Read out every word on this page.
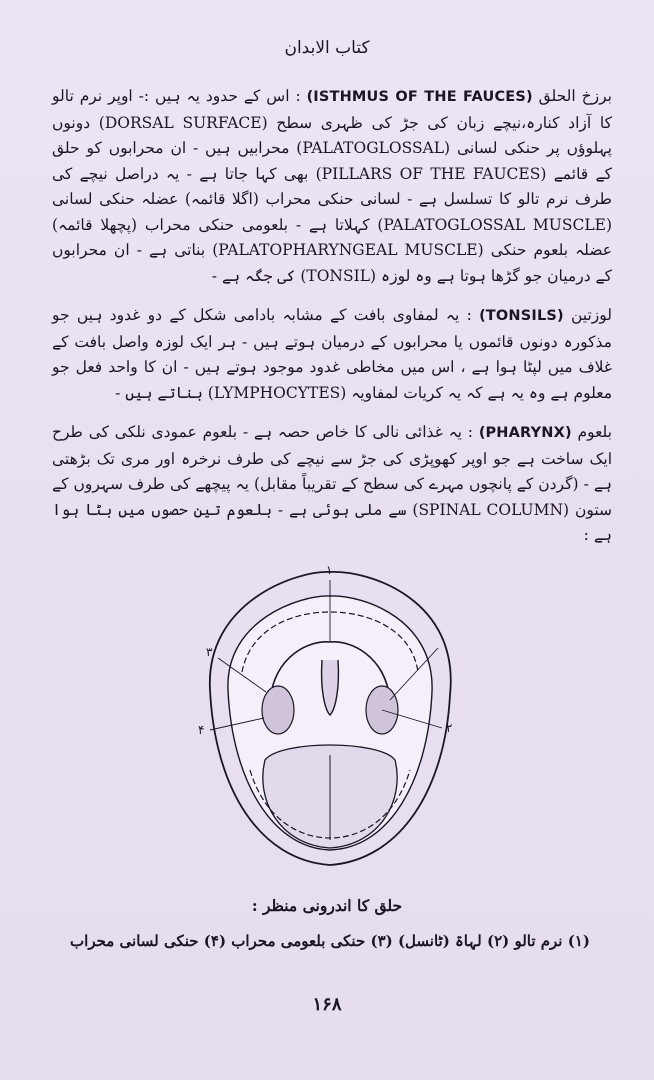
کتاب الابدان

برزخ الحلق (ISTHMUS OF THE FAUCES) : اس کے حدود یہ ہیں :- اوپر نرم تالو کا آزاد کنارہ،نیچے زبان کی جڑ کی ظہری سطح (DORSAL SURFACE) دونوں پہلوؤں پر حنکی لسانی (PALATOGLOSSAL) محرابیں ہیں - ان محرابوں کو حلق کے قائمے (PILLARS OF THE FAUCES) بھی کہا جاتا ہے - یہ دراصل نیچے کی طرف نرم تالو کا تسلسل ہے - لسانی حنکی محراب (اگلا قائمہ) عضلہ حنکی لسانی (PALATOGLOSSAL MUSCLE) کہلاتا ہے - بلعومی حنکی محراب (پچھلا قائمہ) عضلہ بلعوم حنکی (PALATOPHARYNGEAL MUSCLE) بناتی ہے - ان محرابوں کے درمیان جو گڑھا ہوتا ہے وہ لوزہ (TONSIL) کی جگہ ہے -

لوزتین (TONSILS) : یہ لمفاوی بافت کے مشابہ بادامی شکل کے دو غدود ہیں جو مذکورہ دونوں قائموں یا محرابوں کے درمیان ہوتے ہیں - ہر ایک لوزہ واصل بافت کے غلاف میں لپٹا ہوا ہے ، اس میں مخاطی غدود موجود ہوتے ہیں - ان کا واحد فعل جو معلوم ہے وہ یہ ہے کہ یہ کریات لمفاویہ (LYMPHOCYTES) بناتے ہیں -

بلعوم (PHARYNX) : یہ غذائی نالی کا خاص حصہ ہے - بلعوم عمودی نلکی کی طرح ایک ساخت ہے جو اوپر کھوپڑی کی جڑ سے نیچے کی طرف نرخرہ اور مری تک بڑھتی ہے - (گردن کے پانچوں مہرے کی سطح کے تقریباً مقابل) یہ پیچھے کی طرف سہروں کے ستون (SPINAL COLUMN) سے ملی ہوئی ہے - بلعوم تین حصوں میں بٹا ہوا ہے :

۱
۲
۳
۴
حلق کا اندرونی منظر :
(۱) نرم تالو (۲) لہاۃ (ٹانسل) (۳) حنکی بلعومی محراب (۴) حنکی لسانی محراب
۱۶۸
